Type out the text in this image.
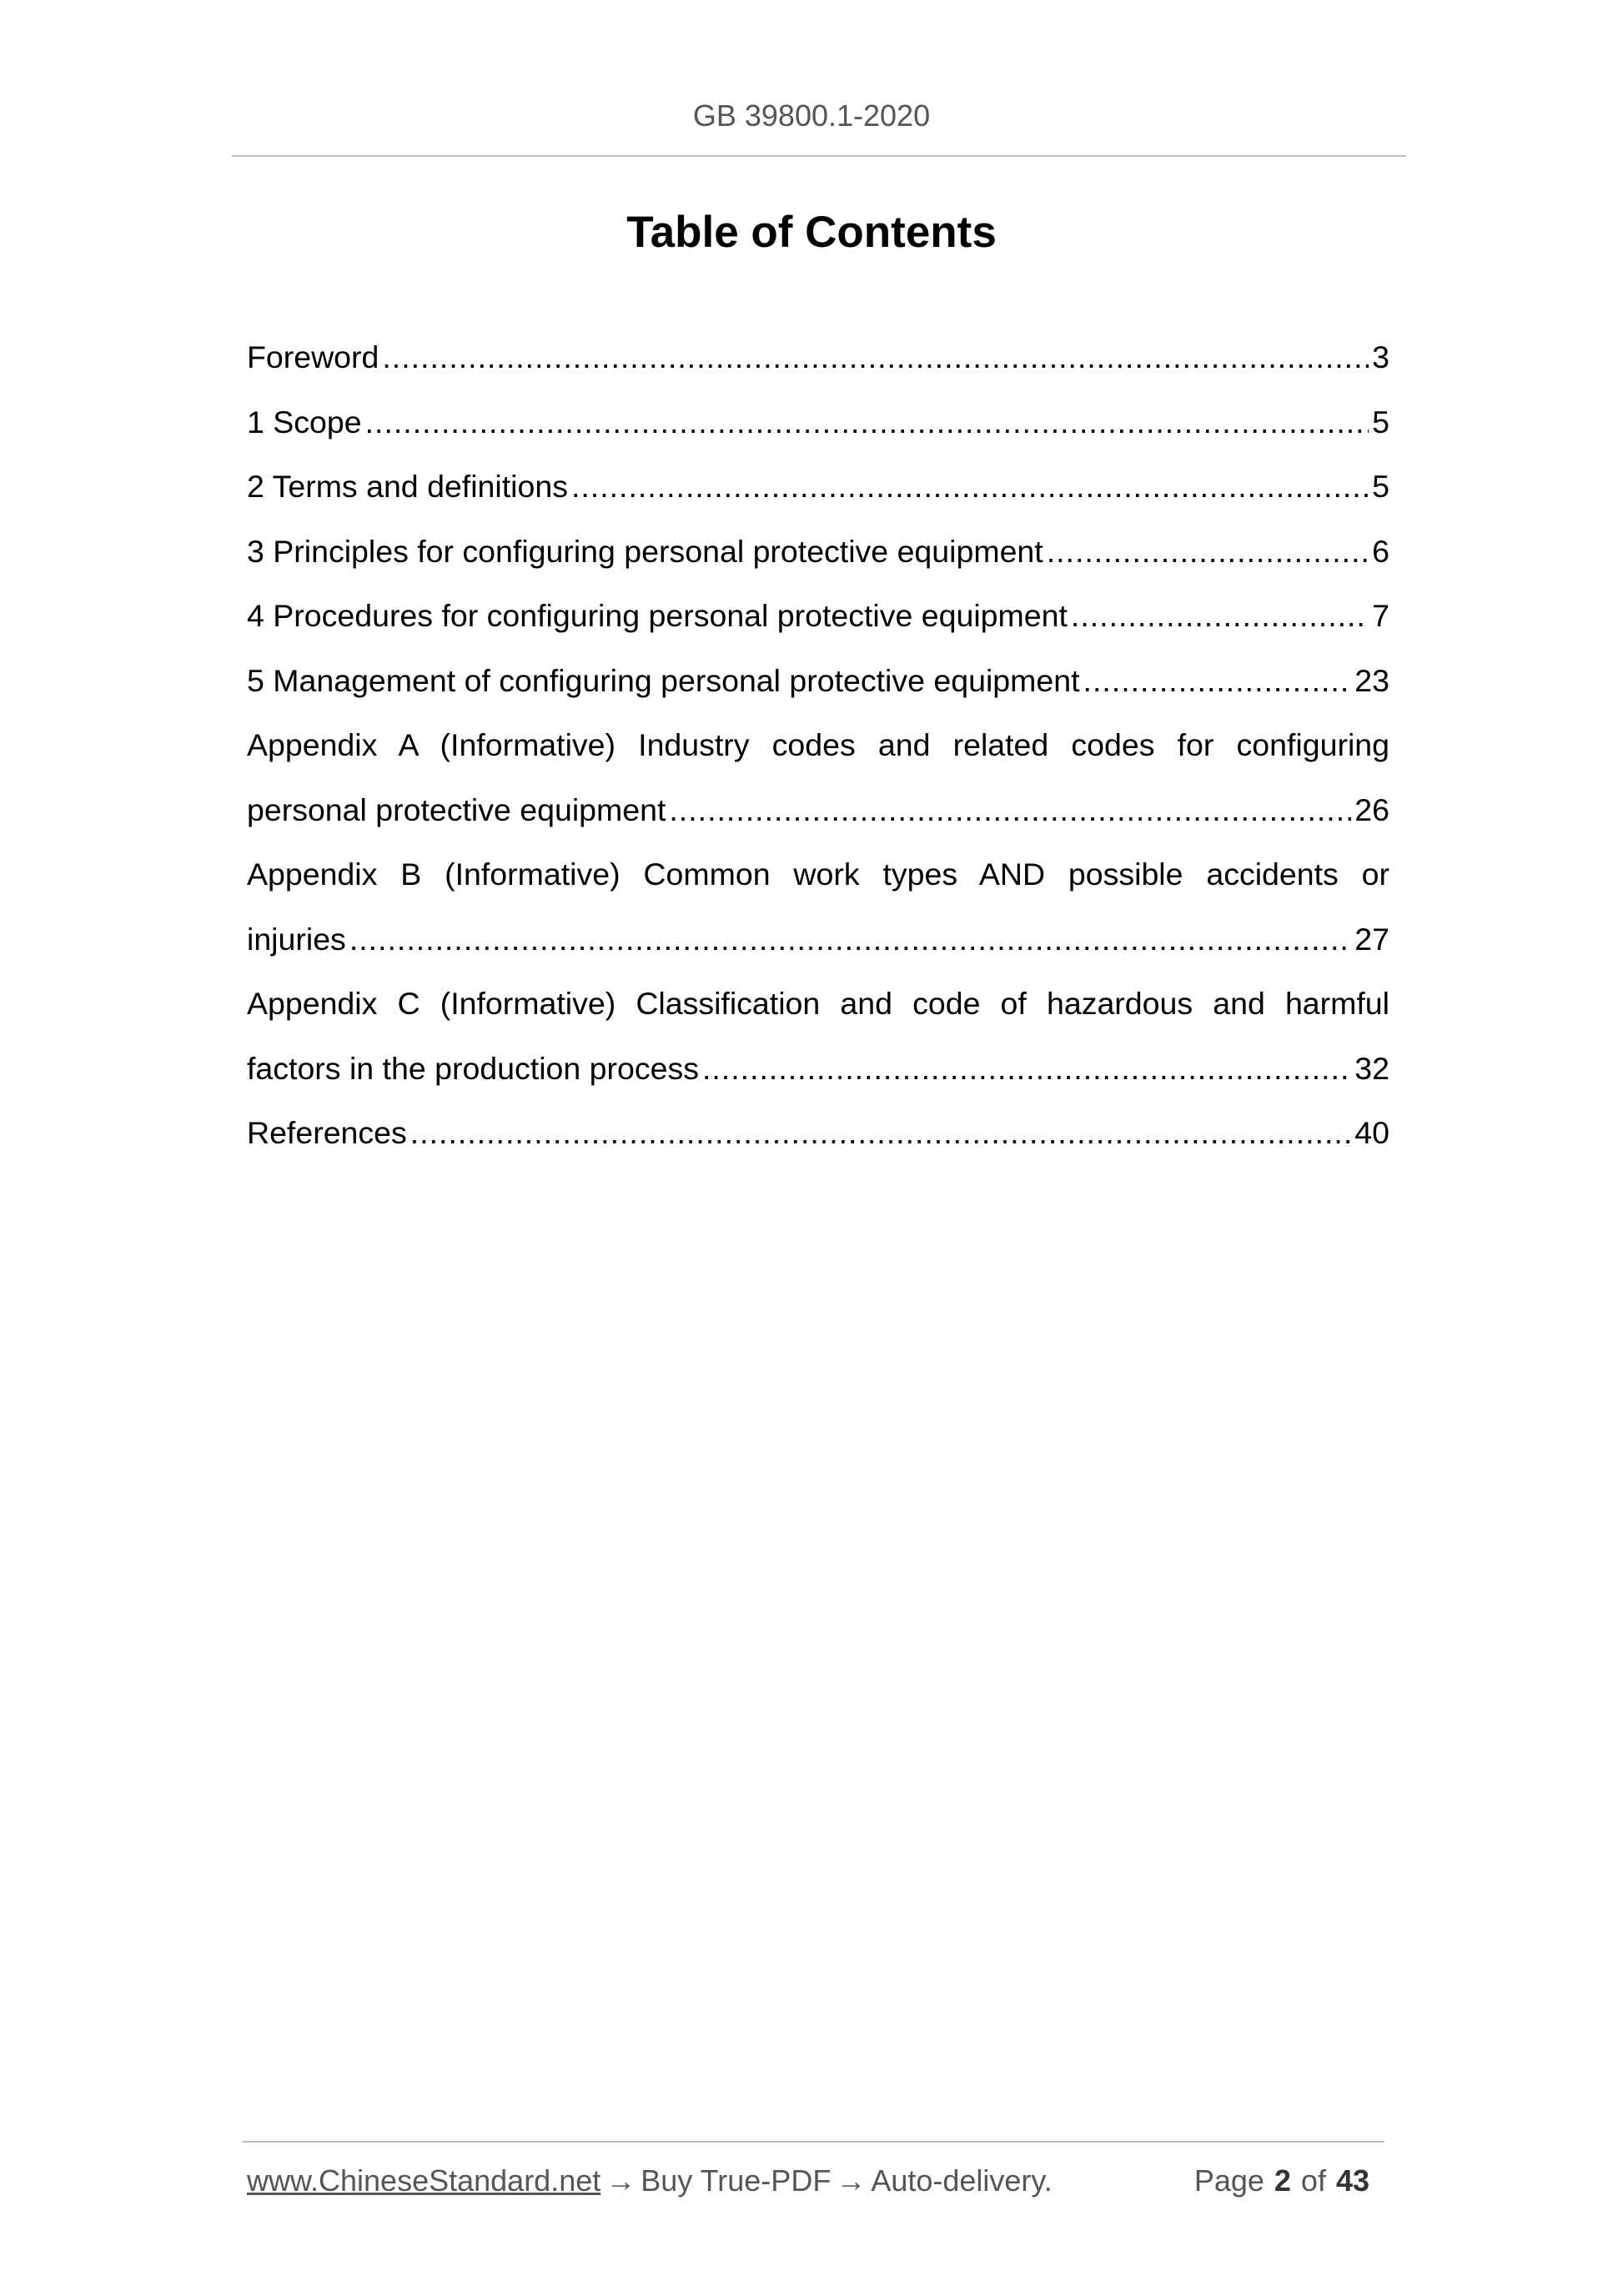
GB 39800.1-2020
Table of Contents
Foreword .....	3
1 Scope .....	5
2 Terms and definitions .....	5
3 Principles for configuring personal protective equipment .....	6
4 Procedures for configuring personal protective equipment .....	7
5 Management of configuring personal protective equipment .....	23
Appendix A (Informative) Industry codes and related codes for configuring
personal protective equipment .....	26
Appendix B (Informative) Common work types AND possible accidents or
injuries .....	27
Appendix C (Informative) Classification and code of hazardous and harmful
factors in the production process .....	32
References .....	40
www.ChineseStandard.net → Buy True-PDF → Auto-delivery.	Page 2 of 43
